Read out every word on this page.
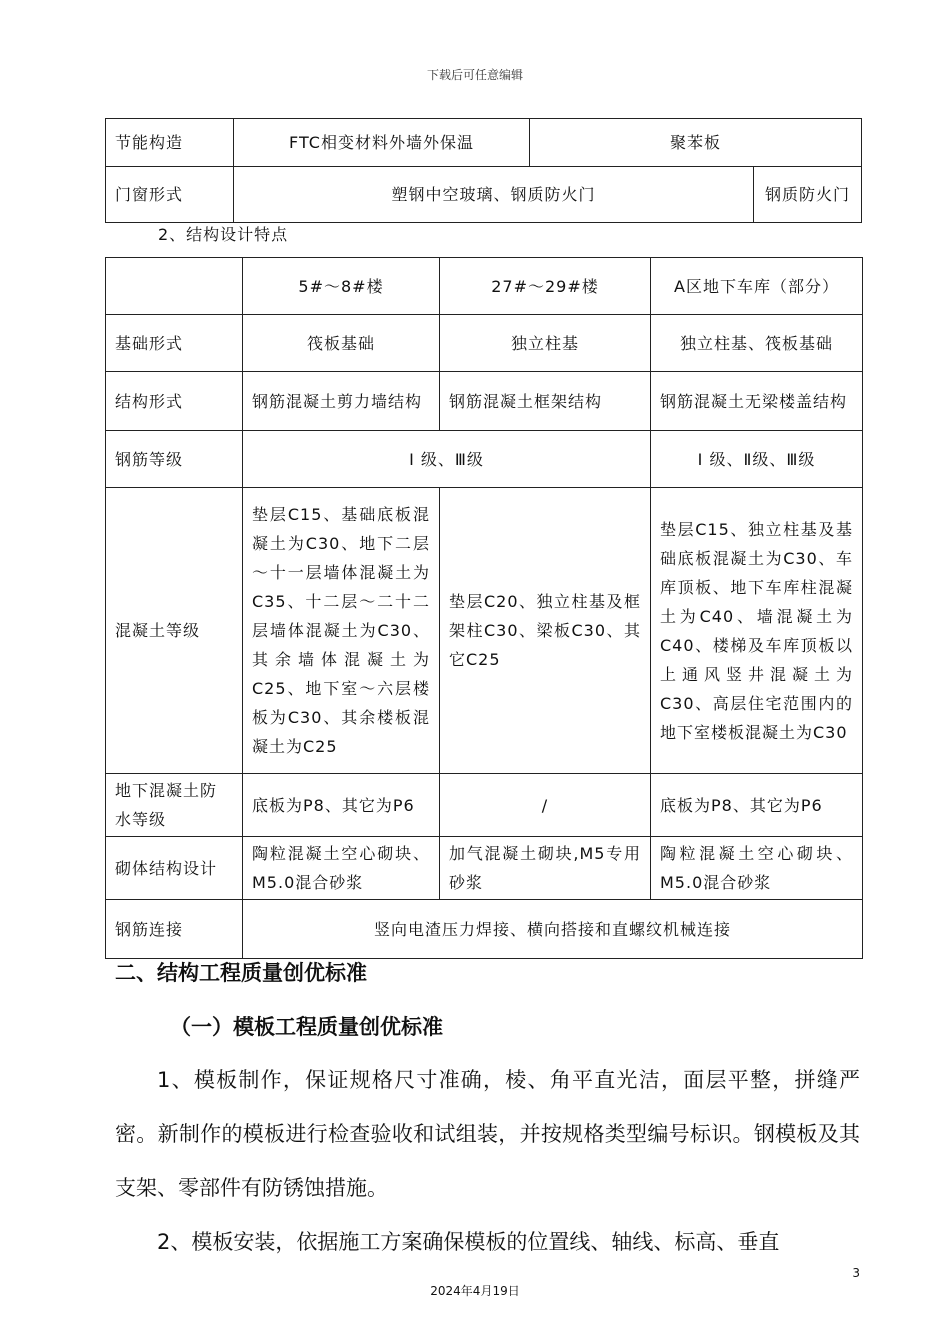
下载后可任意编辑
节能构造	FTC相变材料外墙外保温	聚苯板	
门窗形式	塑钢中空玻璃、钢质防火门		钢质防火门
2、结构设计特点
	5#～8#楼	27#～29#楼	A区地下车库（部分）
基础形式	筏板基础	独立柱基	独立柱基、筏板基础
结构形式	钢筋混凝土剪力墙结构	钢筋混凝土框架结构	钢筋混凝土无梁楼盖结构
钢筋等级	Ⅰ 级、Ⅲ级		Ⅰ 级、Ⅱ级、Ⅲ级
混凝土等级	垫层C15、基础底板混凝土为C30、地下二层～十一层墙体混凝土为C35、十二层～二十二层墙体混凝土为C30、其余墙体混凝土为C25、地下室～六层楼板为C30、其余楼板混凝土为C25	垫层C20、独立柱基及框架柱C30、梁板C30、其它C25	垫层C15、独立柱基及基础底板混凝土为C30、车库顶板、地下车库柱混凝土为C40、墙混凝土为C40、楼梯及车库顶板以上通风竖井混凝土为C30、高层住宅范围内的地下室楼板混凝土为C30
地下混凝土防水等级	底板为P8、其它为P6	/	底板为P8、其它为P6
砌体结构设计	陶粒混凝土空心砌块、M5.0混合砂浆	加气混凝土砌块,M5专用砂浆	陶粒混凝土空心砌块、M5.0混合砂浆
钢筋连接	竖向电渣压力焊接、横向搭接和直螺纹机械连接		
二、结构工程质量创优标准
（一）模板工程质量创优标准

1、模板制作，保证规格尺寸准确，棱、角平直光洁，面层平整，拼缝严密。新制作的模板进行检查验收和试组装，并按规格类型编号标识。钢模板及其支架、零部件有防锈蚀措施。

2、模板安装，依据施工方案确保模板的位置线、轴线、标高、垂直

3
2024年4月19日
